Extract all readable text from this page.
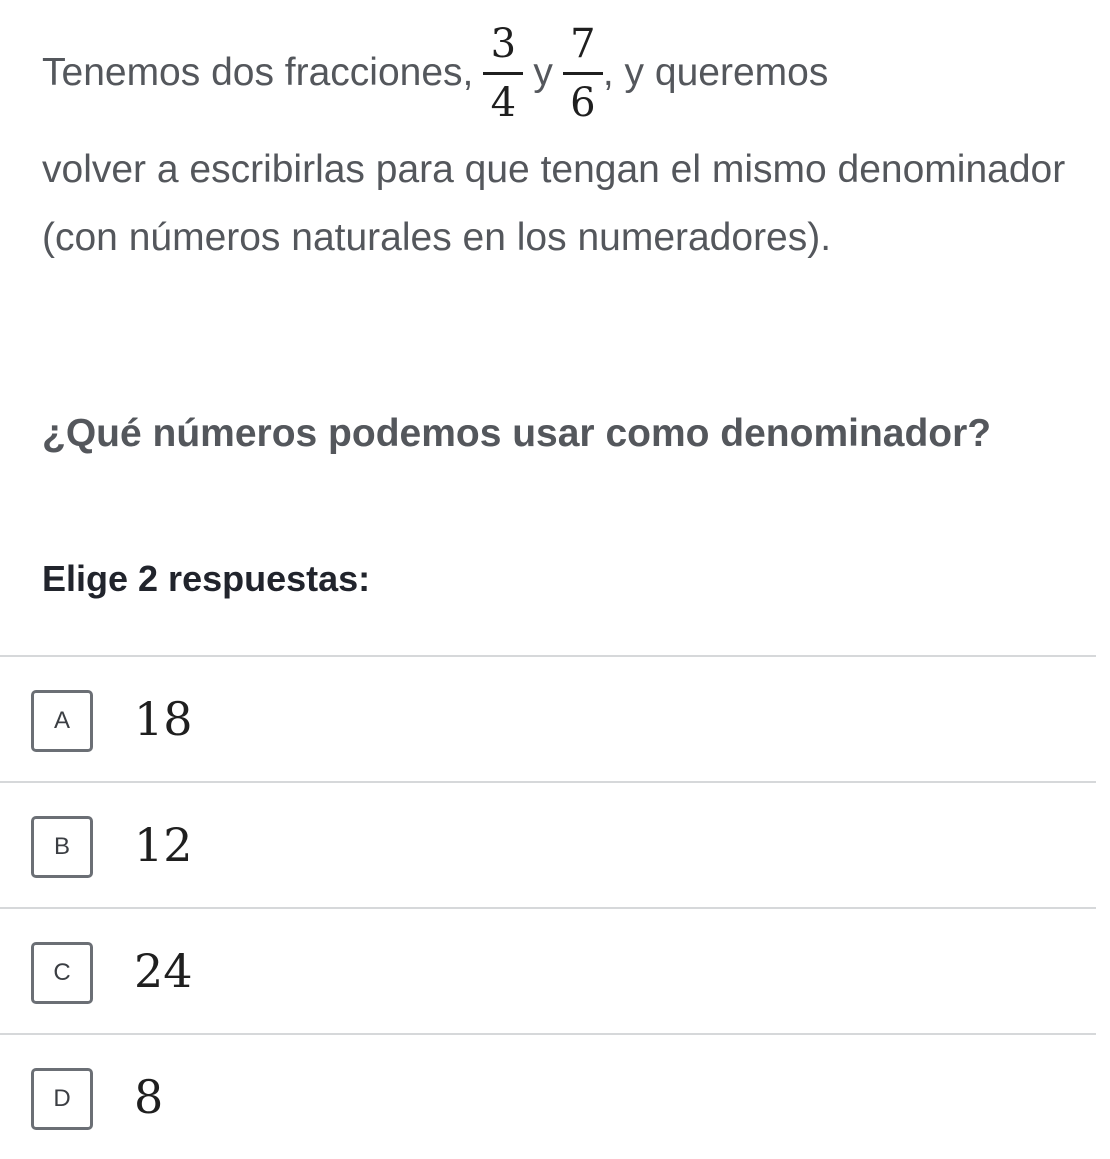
Tenemos dos fracciones, $\frac{3}{4}$ y $\frac{7}{6}$ , y queremos

volver a escribirlas para que tengan el mismo denominador (con números naturales en los numeradores).

¿Qué números podemos usar como denominador?

Elige 2 respuestas:

A	18
B	12
C	24
D	8
